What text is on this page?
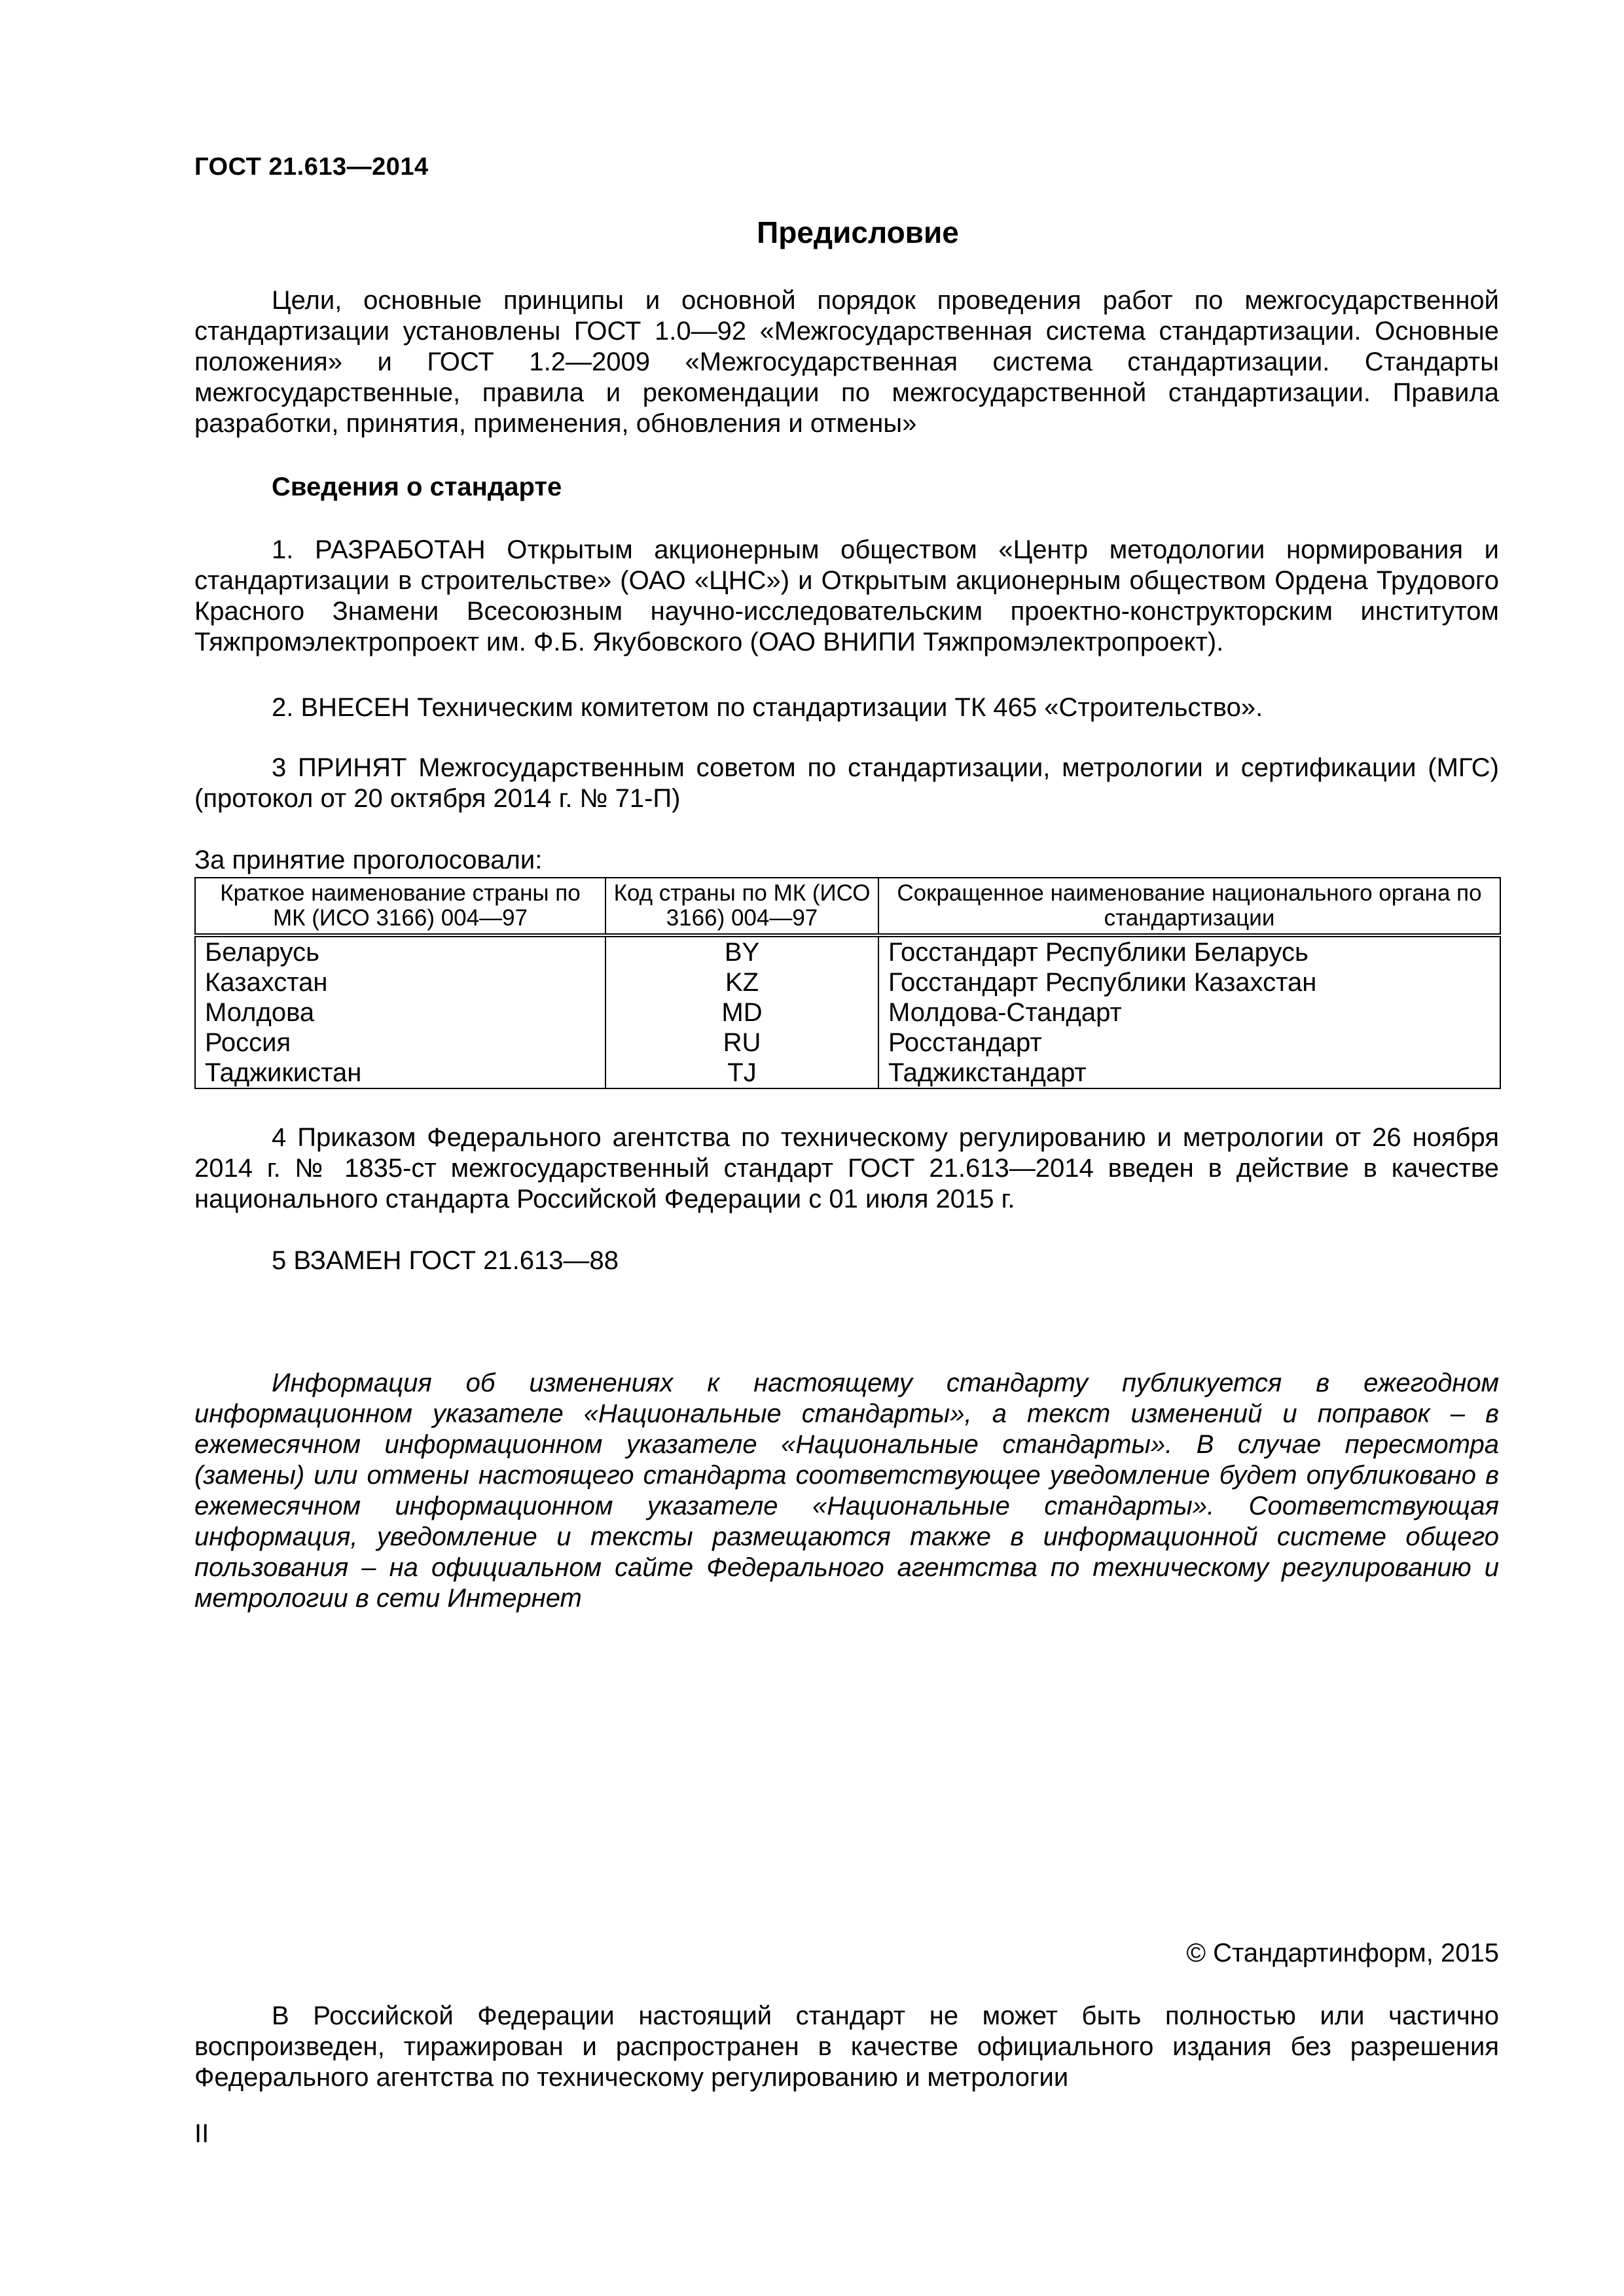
ГОСТ 21.613—2014
Предисловие

Цели, основные принципы и основной порядок проведения работ по межгосударственной стандартизации установлены ГОСТ 1.0—92 «Межгосударственная система стандартизации. Основные положения» и ГОСТ 1.2—2009 «Межгосударственная система стандартизации. Стандарты межгосударственные, правила и рекомендации по межгосударственной стандартизации. Правила разработки, принятия, применения, обновления и отмены»

Сведения о стандарте

1. РАЗРАБОТАН Открытым акционерным обществом «Центр методологии нормирования и стандартизации в строительстве» (ОАО «ЦНС») и Открытым акционерным обществом Ордена Трудового Красного Знамени Всесоюзным научно-исследовательским проектно-конструкторским институтом Тяжпромэлектропроект им. Ф.Б. Якубовского (ОАО ВНИПИ Тяжпромэлектропроект).

2. ВНЕСЕН Техническим комитетом по стандартизации ТК 465 «Строительство».

3 ПРИНЯТ Межгосударственным советом по стандартизации, метрологии и сертификации (МГС) (протокол от 20 октября 2014 г. № 71-П)

За принятие проголосовали:
Краткое наименование страны по МК (ИСО 3166) 004—97	Код страны по МК (ИСО 3166) 004—97	Сокращенное наименование национального органа по стандартизации
Беларусь	BY	Госстандарт Республики Беларусь
Казахстан	KZ	Госстандарт Республики Казахстан
Молдова	MD	Молдова-Стандарт
Россия	RU	Росстандарт
Таджикистан	TJ	Таджикстандарт

4 Приказом Федерального агентства по техническому регулированию и метрологии от 26 ноября 2014 г. № 1835-ст межгосударственный стандарт ГОСТ 21.613—2014 введен в действие в качестве национального стандарта Российской Федерации с 01 июля 2015 г.

5 ВЗАМЕН ГОСТ 21.613—88

Информация об изменениях к настоящему стандарту публикуется в ежегодном информационном указателе «Национальные стандарты», а текст изменений и поправок – в ежемесячном информационном указателе «Национальные стандарты». В случае пересмотра (замены) или отмены настоящего стандарта соответствующее уведомление будет опубликовано в ежемесячном информационном указателе «Национальные стандарты». Соответствующая информация, уведомление и тексты размещаются также в информационной системе общего пользования – на официальном сайте Федерального агентства по техническому регулированию и метрологии в сети Интернет

© Стандартинформ, 2015

В Российской Федерации настоящий стандарт не может быть полностью или частично воспроизведен, тиражирован и распространен в качестве официального издания без разрешения Федерального агентства по техническому регулированию и метрологии

II
